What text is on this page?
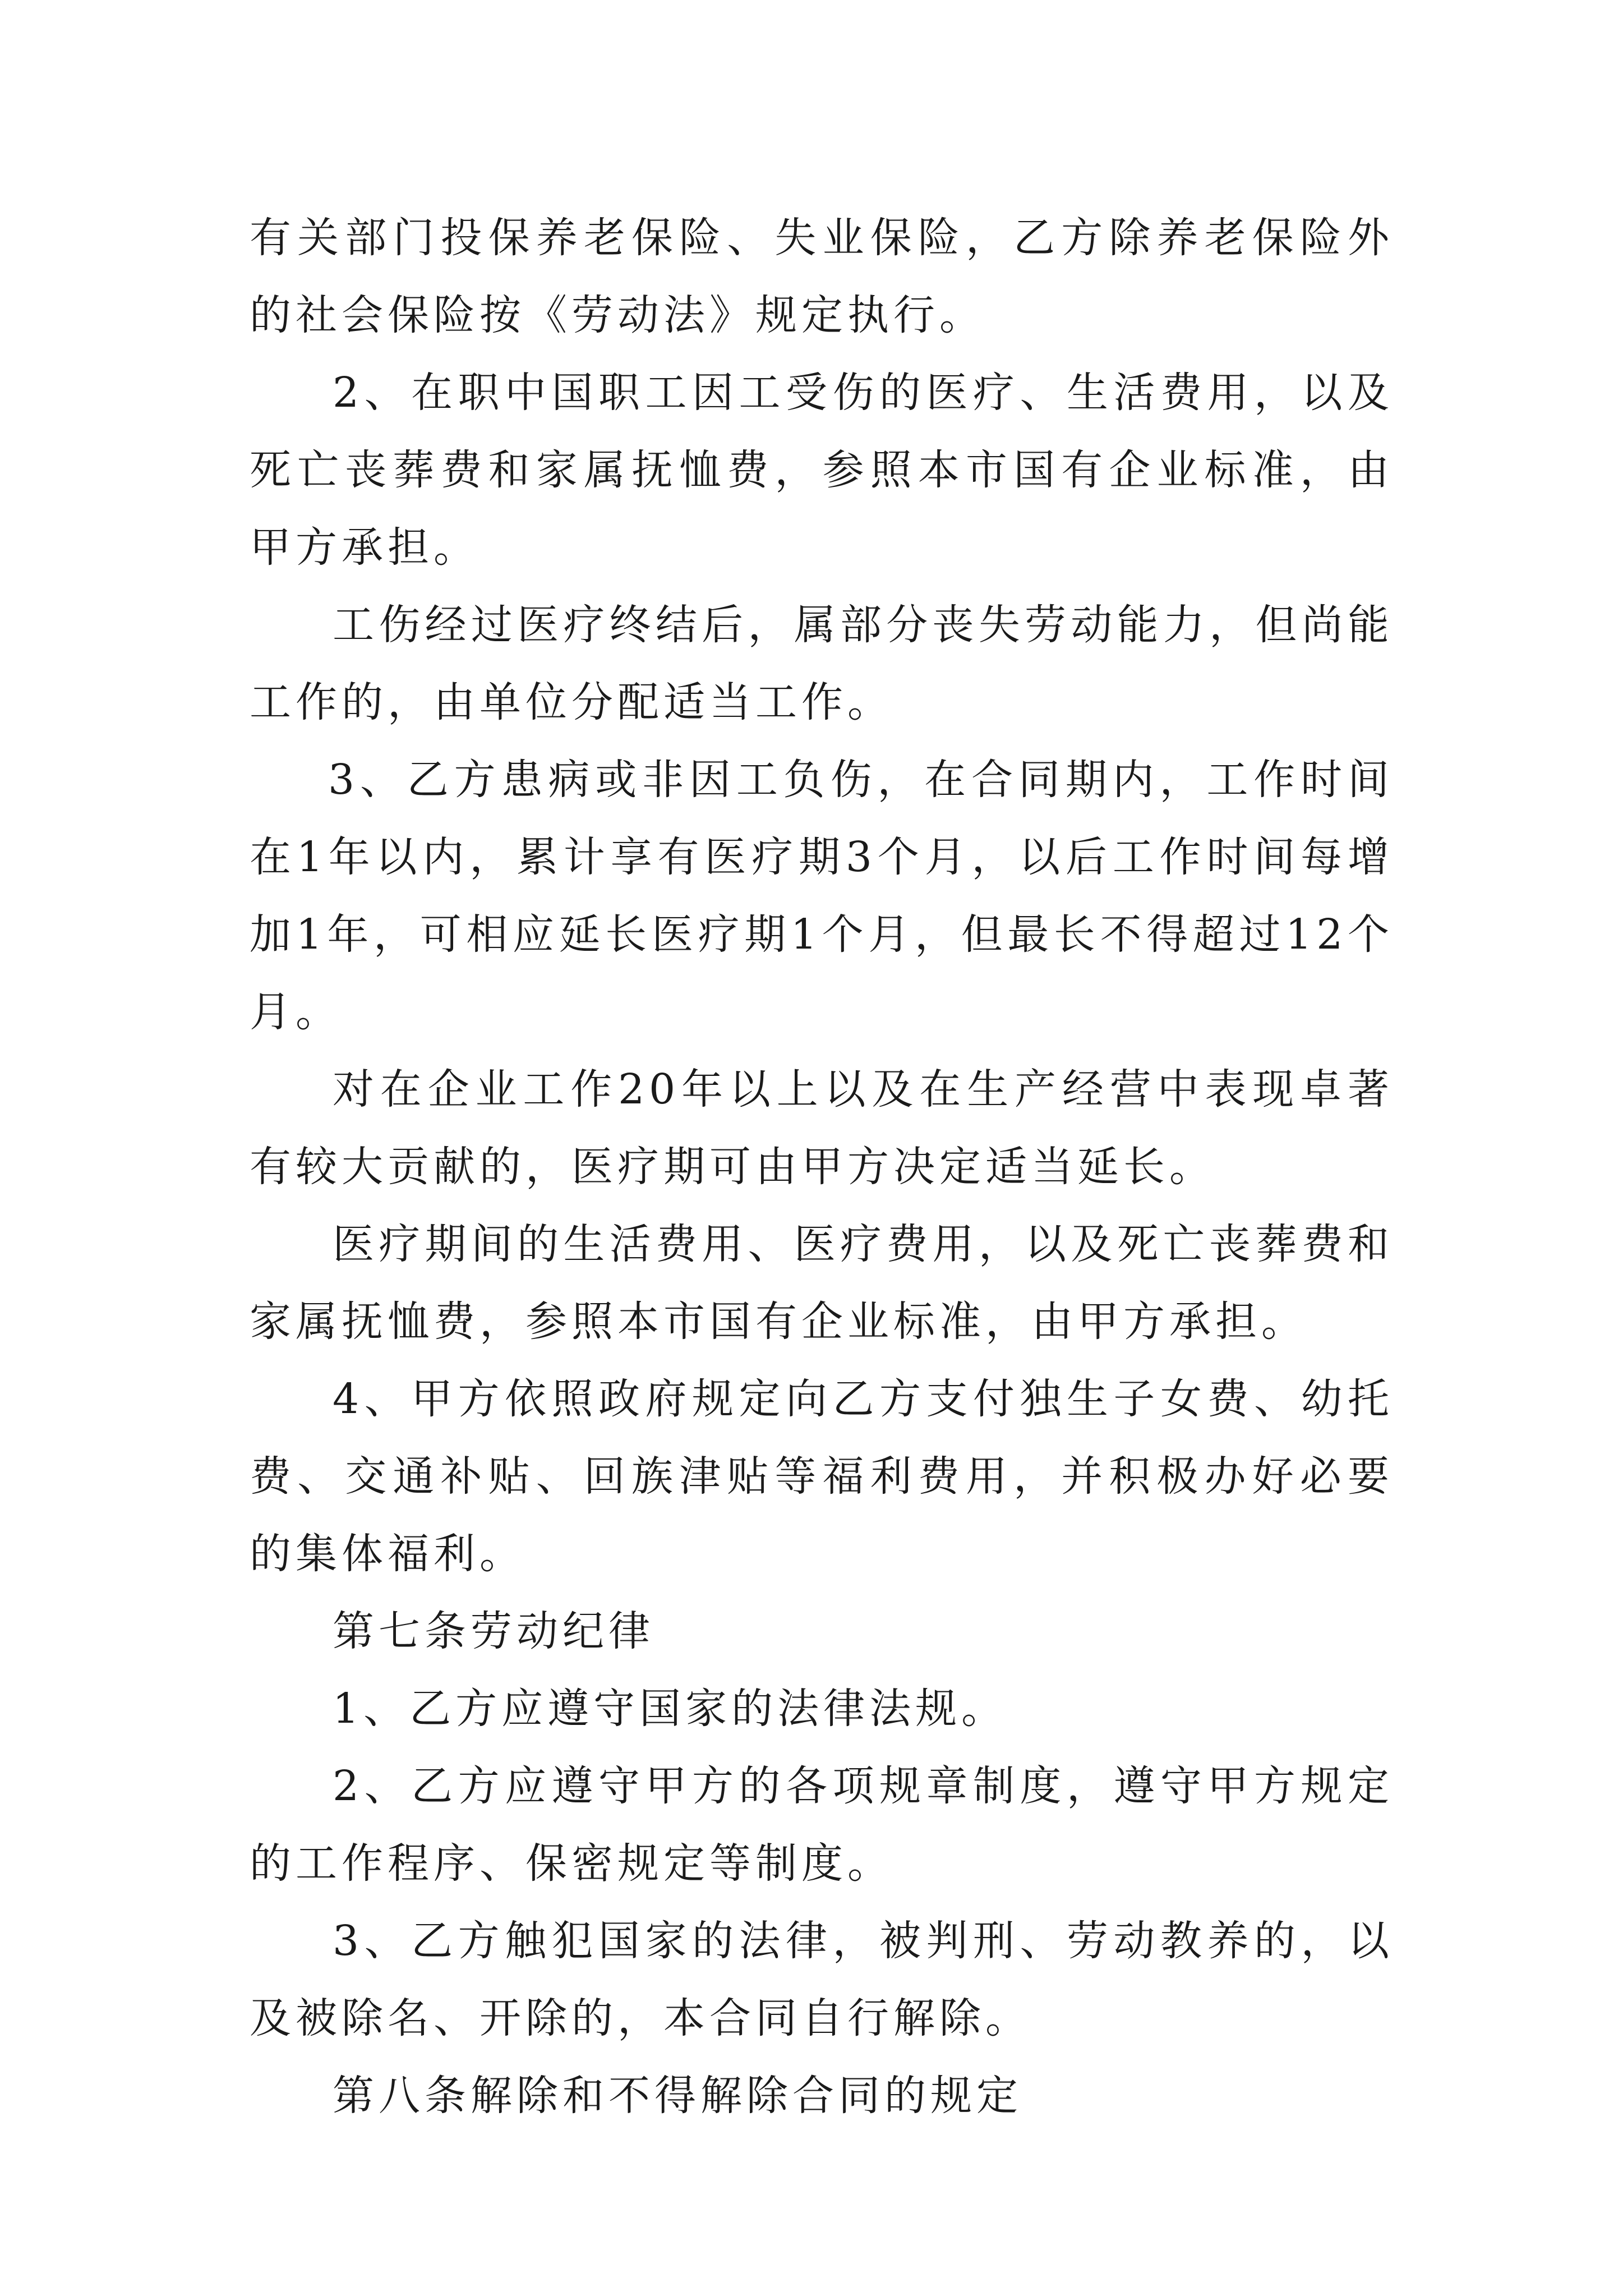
有关部门投保养老保险、失业保险，乙方除养老保险外的社会保险按《劳动法》规定执行。

2、在职中国职工因工受伤的医疗、生活费用，以及死亡丧葬费和家属抚恤费，参照本市国有企业标准，由甲方承担。

工伤经过医疗终结后，属部分丧失劳动能力，但尚能工作的，由单位分配适当工作。

3、乙方患病或非因工负伤，在合同期内，工作时间在1年以内，累计享有医疗期3个月，以后工作时间每增加1年，可相应延长医疗期1个月，但最长不得超过12个月。

对在企业工作20年以上以及在生产经营中表现卓著有较大贡献的，医疗期可由甲方决定适当延长。

医疗期间的生活费用、医疗费用，以及死亡丧葬费和家属抚恤费，参照本市国有企业标准，由甲方承担。

4、甲方依照政府规定向乙方支付独生子女费、幼托费、交通补贴、回族津贴等福利费用，并积极办好必要的集体福利。

第七条劳动纪律

1、乙方应遵守国家的法律法规。

2、乙方应遵守甲方的各项规章制度，遵守甲方规定的工作程序、保密规定等制度。

3、乙方触犯国家的法律，被判刑、劳动教养的，以及被除名、开除的，本合同自行解除。

第八条解除和不得解除合同的规定
